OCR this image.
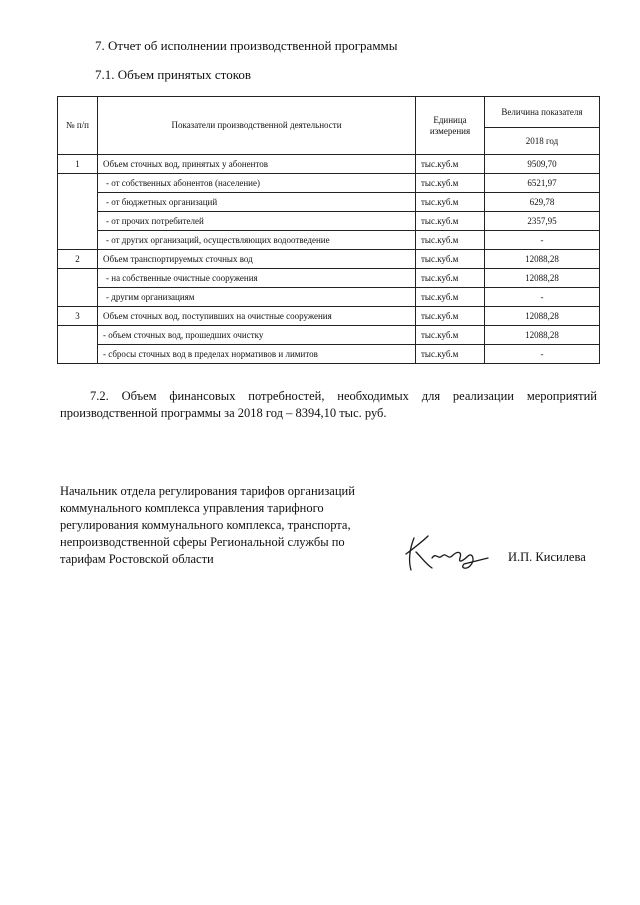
7. Отчет об исполнении производственной программы
7.1. Объем принятых стоков
№ п/п	Показатели производственной деятельности	Единица измерения	Величина показателя
			2018 год
1	Объем сточных вод, принятых у абонентов	тыс.куб.м	9509,70
	- от собственных абонентов (население)	тыс.куб.м	6521,97
	- от бюджетных организаций	тыс.куб.м	629,78
	- от прочих потребителей	тыс.куб.м	2357,95
	- от других организаций, осуществляющих водоотведение	тыс.куб.м	-
2	Объем транспортируемых сточных вод	тыс.куб.м	12088,28
	- на собственные очистные сооружения	тыс.куб.м	12088,28
	- другим организациям	тыс.куб.м	-
3	Объем сточных вод, поступивших на очистные сооружения	тыс.куб.м	12088,28
	- объем сточных вод, прошедших очистку	тыс.куб.м	12088,28
	- сбросы сточных вод в пределах нормативов и лимитов	тыс.куб.м	-
7.2. Объем финансовых потребностей, необходимых для реализации мероприятий производственной программы за 2018 год – 8394,10 тыс. руб.
Начальник отдела регулирования тарифов организаций коммунального комплекса управления тарифного регулирования коммунального комплекса, транспорта, непроизводственной сферы Региональной службы по тарифам Ростовской области	И.П. Кисилева
